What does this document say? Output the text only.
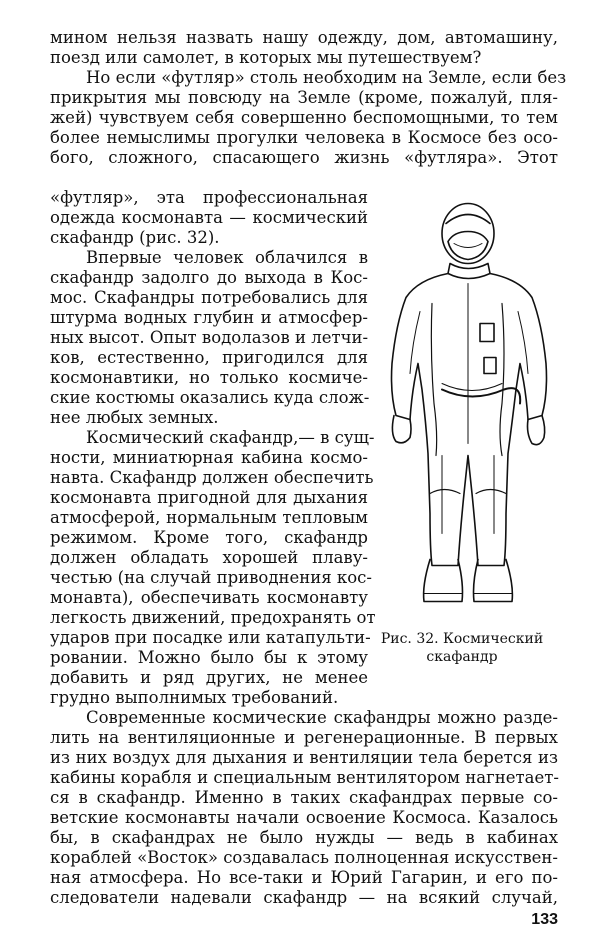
мином нельзя назвать нашу одежду, дом, автомашину,
поезд или самолет, в которых мы путешествуем?
Но если «футляр» столь необходим на Земле, если без
прикрытия мы повсюду на Земле (кроме, пожалуй, пля-
жей) чувствуем себя совершенно беспомощными, то тем
более немыслимы прогулки человека в Космосе без осо-
бого, сложного, спасающего жизнь «футляра». Этот
«футляр», эта профессиональная
одежда космонавта — космический
скафандр (рис. 32).
Впервые человек облачился в
скафандр задолго до выхода в Кос-
мос. Скафандры потребовались для
штурма водных глубин и атмосфер-
ных высот. Опыт водолазов и летчи-
ков, естественно, пригодился для
космонавтики, но только космиче-
ские костюмы оказались куда слож-
нее любых земных.
Космический скафандр,— в сущ-
ности, миниатюрная кабина космо-
навта. Скафандр должен обеспечить
космонавта пригодной для дыхания
атмосферой, нормальным тепловым
режимом. Кроме того, скафандр
должен обладать хорошей плаву-
честью (на случай приводнения кос-
монавта), обеспечивать космонавту
легкость движений, предохранять от
ударов при посадке или катапульти-
ровании. Можно было бы к этому
добавить и ряд других, не менее
грудно выполнимых требований.
Современные космические скафандры можно разде-
лить на вентиляционные и регенерационные. В первых
из них воздух для дыхания и вентиляции тела берется из
кабины корабля и специальным вентилятором нагнетает-
ся в скафандр. Именно в таких скафандрах первые со-
ветские космонавты начали освоение Космоса. Казалось
бы, в скафандрах не было нужды — ведь в кабинах
кораблей «Восток» создавалась полноценная искусствен-
ная атмосфера. Но все-таки и Юрий Гагарин, и его по-
следователи надевали скафандр — на всякий случай,
Рис. 32. Космический
скафандр
133
